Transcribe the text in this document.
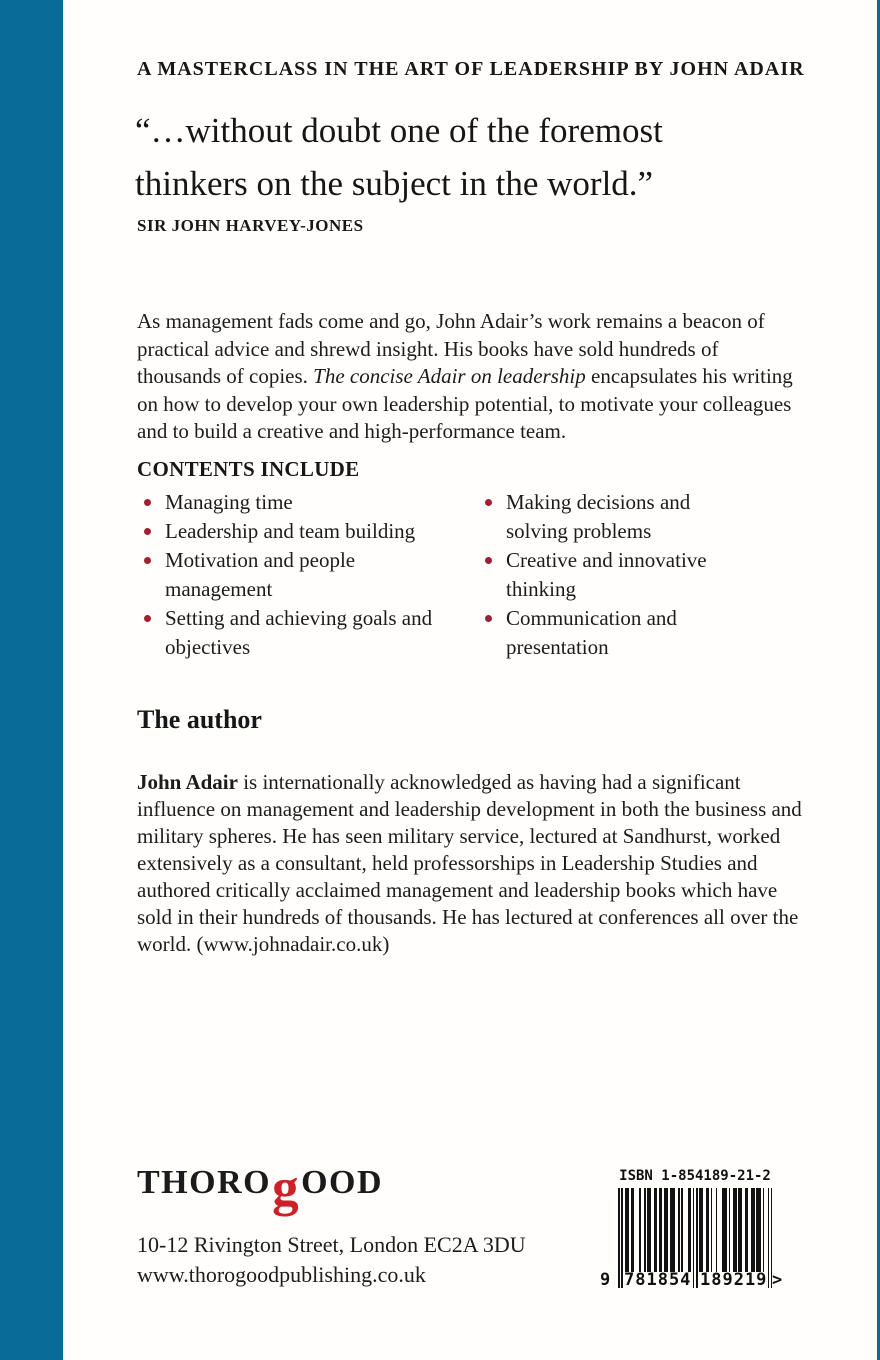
A MASTERCLASS IN THE ART OF LEADERSHIP BY JOHN ADAIR
“…without doubt one of the foremost thinkers on the subject in the world.”
SIR JOHN HARVEY-JONES

As management fads come and go, John Adair’s work remains a beacon of practical advice and shrewd insight. His books have sold hundreds of thousands of copies. The concise Adair on leadership encapsulates his writing on how to develop your own leadership potential, to motivate your colleagues and to build a creative and high-performance team.

CONTENTS INCLUDE
Managing time
Leadership and team building
Motivation and people management
Setting and achieving goals and objectives
Making decisions and solving problems
Creative and innovative thinking
Communication and presentation
The author

John Adair is internationally acknowledged as having had a significant influence on management and leadership development in both the business and military spheres. He has seen military service, lectured at Sandhurst, worked extensively as a consultant, held professorships in Leadership Studies and authored critically acclaimed management and leadership books which have sold in their hundreds of thousands. He has lectured at conferences all over the world. (www.johnadair.co.uk)

THOROgOOD
10-12 Rivington Street, London EC2A 3DU
www.thorogoodpublishing.co.uk
ISBN 1-854189-21-2
9 781854 189219 >
